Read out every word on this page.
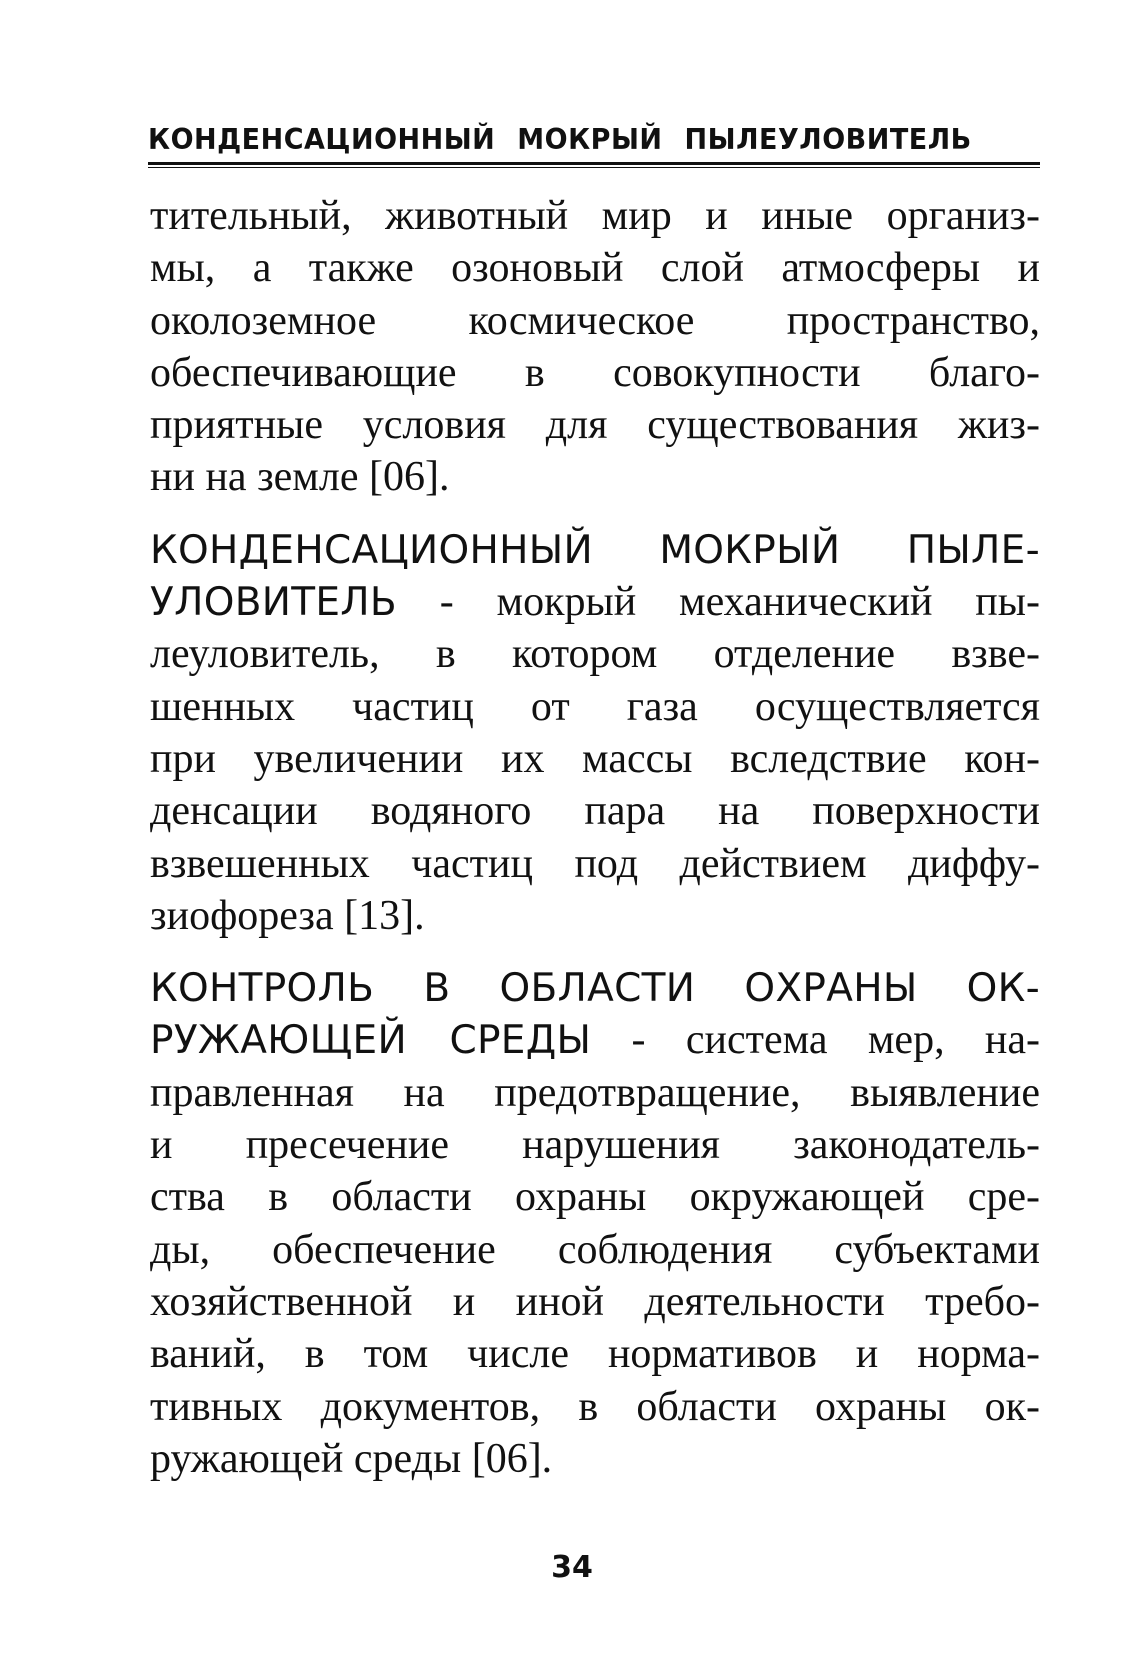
КОНДЕНСАЦИОННЫЙ МОКРЫЙ ПЫЛЕУЛОВИТЕЛЬ
тительный, животный мир и иные организ-
мы, а также озоновый слой атмосферы и
околоземное космическое пространство,
обеспечивающие в совокупности благо-
приятные условия для существования жиз-
ни на земле [06].
КОНДЕНСАЦИОННЫЙ МОКРЫЙ ПЫЛЕ-
УЛОВИТЕЛЬ - мокрый механический пы-
леуловитель, в котором отделение взве-
шенных частиц от газа осуществляется
при увеличении их массы вследствие кон-
денсации водяного пара на поверхности
взвешенных частиц под действием диффу-
зиофореза [13].
КОНТРОЛЬ В ОБЛАСТИ ОХРАНЫ ОК-
РУЖАЮЩЕЙ СРЕДЫ - система мер, на-
правленная на предотвращение, выявление
и пресечение нарушения законодатель-
ства в области охраны окружающей сре-
ды, обеспечение соблюдения субъектами
хозяйственной и иной деятельности требо-
ваний, в том числе нормативов и норма-
тивных документов, в области охраны ок-
ружающей среды [06].
34
